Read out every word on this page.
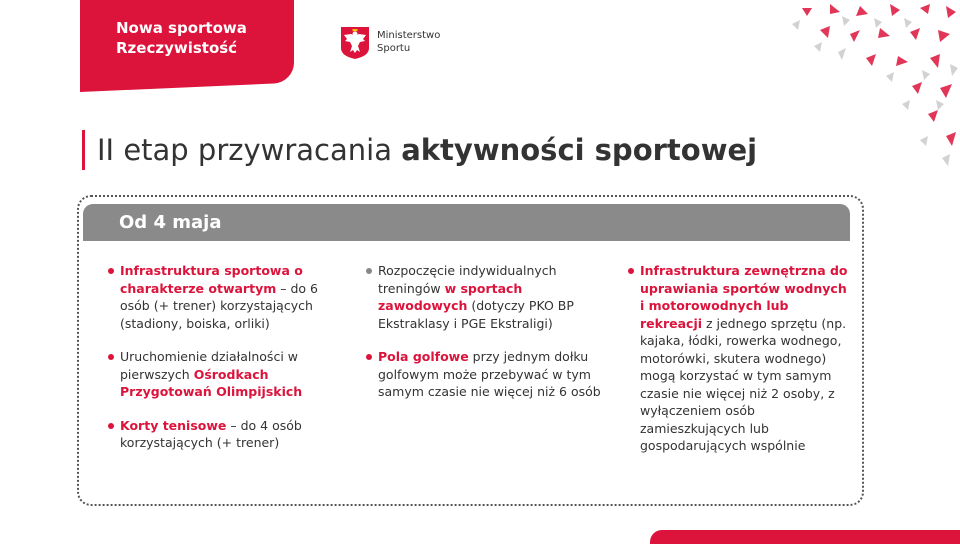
Nowa sportowa
Rzeczywistość
Ministerstwo
Sportu
II etap przywracania aktywności sportowej
Od 4 maja
Infrastruktura sportowa o charakterze otwartym – do 6 osób (+ trener) korzystających (stadiony, boiska, orliki)
Uruchomienie działalności w pierwszych Ośrodkach Przygotowań Olimpijskich
Korty tenisowe – do 4 osób korzystających (+ trener)
Rozpoczęcie indywidualnych treningów w sportach zawodowych (dotyczy PKO BP Ekstraklasy i PGE Ekstraligi)
Pola golfowe przy jednym dołku golfowym może przebywać w tym samym czasie nie więcej niż 6 osób
Infrastruktura zewnętrzna do uprawiania sportów wodnych i motorowodnych lub rekreacji z jednego sprzętu (np. kajaka, łódki, rowerka wodnego, motorówki, skutera wodnego) mogą korzystać w tym samym czasie nie więcej niż 2 osoby, z wyłączeniem osób zamieszkujących lub gospodarujących wspólnie
